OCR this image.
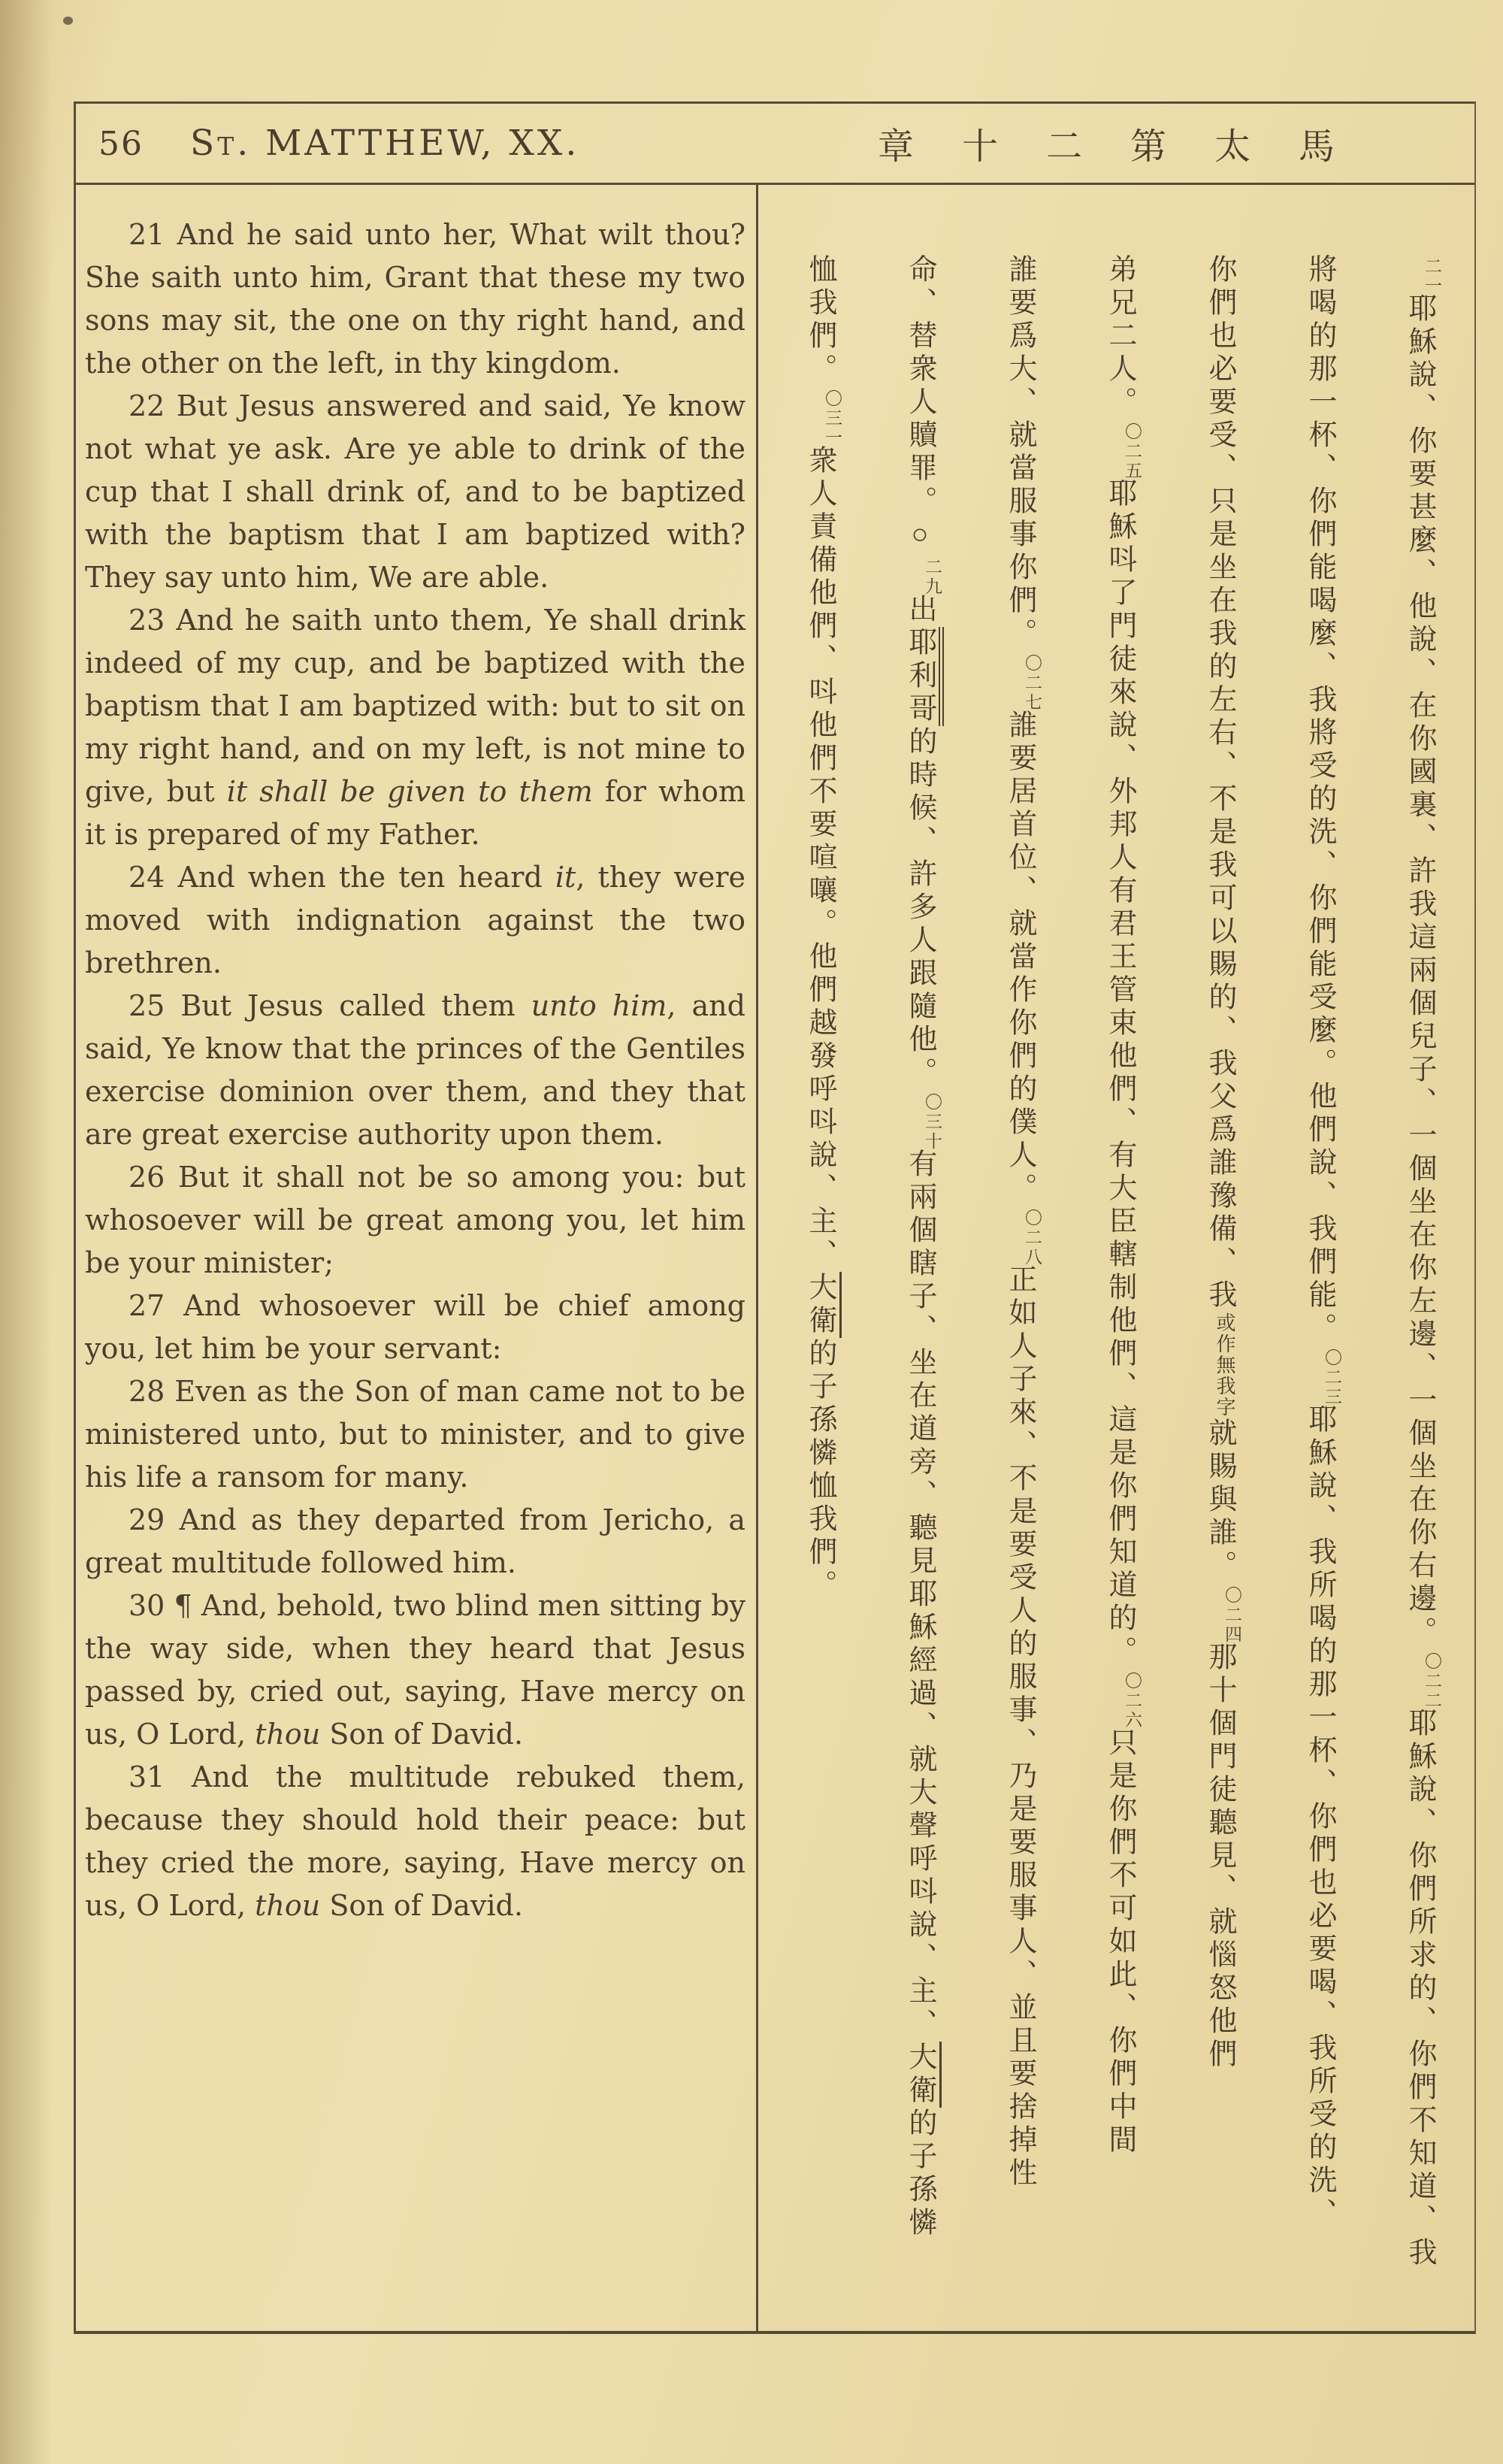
56 St. MATTHEW, XX.	章十二第太馬

21 And he said unto her, What wilt thou? She saith unto him, Grant that these my two sons may sit, the one on thy right hand, and the other on the left, in thy kingdom.

22 But Jesus answered and said, Ye know not what ye ask. Are ye able to drink of the cup that I shall drink of, and to be baptized with the baptism that I am baptized with? They say unto him, We are able.

23 And he saith unto them, Ye shall drink indeed of my cup, and be baptized with the baptism that I am baptized with: but to sit on my right hand, and on my left, is not mine to give, but it shall be given to them for whom it is prepared of my Father.

24 And when the ten heard it, they were moved with indignation against the two brethren.

25 But Jesus called them unto him, and said, Ye know that the princes of the Gentiles exercise dominion over them, and they that are great exercise authority upon them.

26 But it shall not be so among you: but whosoever will be great among you, let him be your minister;

27 And whosoever will be chief among you, let him be your servant:

28 Even as the Son of man came not to be ministered unto, but to minister, and to give his life a ransom for many.

29 And as they departed from Jericho, a great multitude followed him.

30 ¶ And, behold, two blind men sitting by the way side, when they heard that Jesus passed by, cried out, saying, Have mercy on us, O Lord, thou Son of David.

31 And the multitude rebuked them, because they should hold their peace: but they cried the more, saying, Have mercy on us, O Lord, thou Son of David.

二一耶穌說、你要甚麼、他說、在你國裏、許我這兩個兒子、一個坐在你左邊、一個坐在你右邊。〇二二耶穌說、你們所求的、你們不知道、我
將喝的那一杯、你們能喝麼、我將受的洗、你們能受麼。他們說、我們能。〇二三耶穌說、我所喝的那一杯、你們也必要喝、我所受的洗、
你們也必要受、只是坐在我的左右、不是我可以賜的、我父爲誰豫備、我或作無我字就賜與誰。〇二四那十個門徒聽見、就惱怒他們
弟兄二人。〇二五耶穌呌了門徒來說、外邦人有君王管束他們、有大臣轄制他們、這是你們知道的。〇二六只是你們不可如此、你們中間
誰要爲大、就當服事你們。〇二七誰要居首位、就當作你們的僕人。〇二八正如人子來、不是要受人的服事、乃是要服事人、並且要捨掉性
命、替衆人贖罪。○二九出耶利哥的時候、許多人跟隨他。〇三十有兩個瞎子、坐在道旁、聽見耶穌經過、就大聲呼呌說、主、大衛的子孫憐
恤我們。〇三一衆人責備他們、呌他們不要喧嚷。他們越發呼呌說、主、大衛的子孫憐恤我們。
